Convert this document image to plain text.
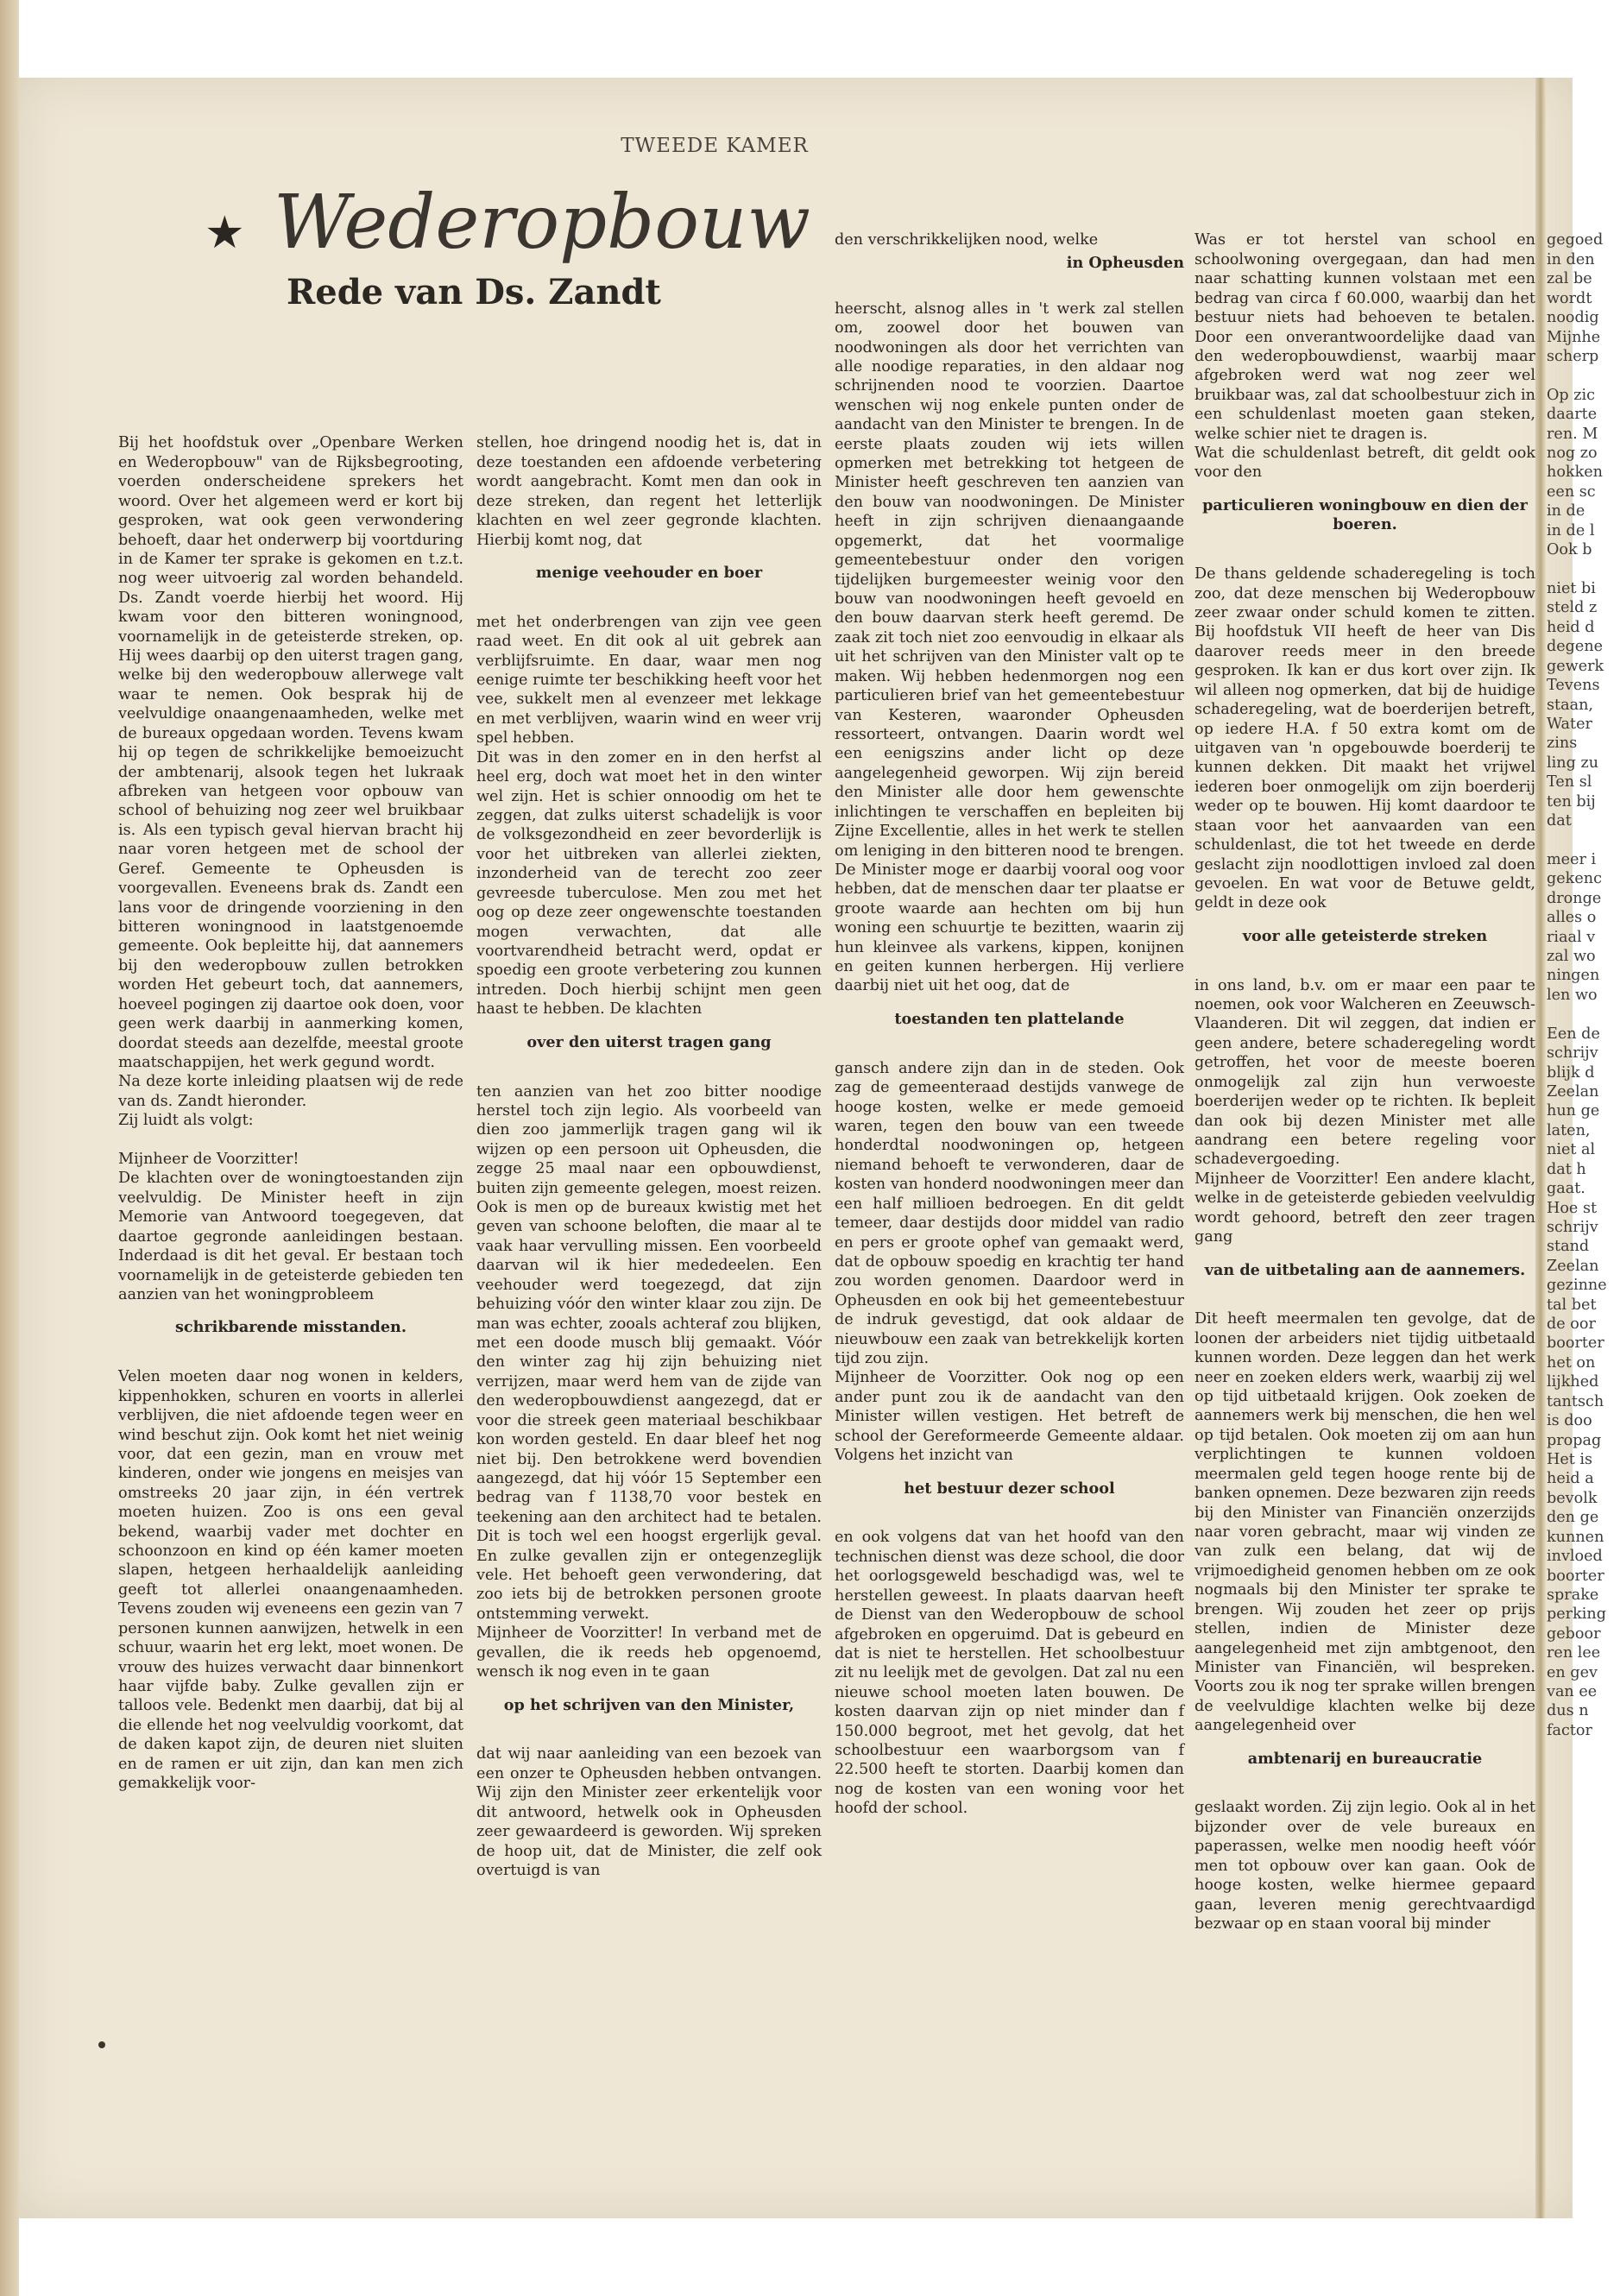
TWEEDE KAMER
★ Wederopbouw
Rede van Ds. Zandt

Bij het hoofdstuk over „Openbare Werken en Wederopbouw" van de Rijksbegrooting, voerden onderscheidene sprekers het woord. Over het algemeen werd er kort bij gesproken, wat ook geen verwondering behoeft, daar het onderwerp bij voortduring in de Kamer ter sprake is gekomen en t.z.t. nog weer uitvoerig zal worden behandeld. Ds. Zandt voerde hierbij het woord. Hij kwam voor den bitteren woningnood, voornamelijk in de geteisterde streken, op. Hij wees daarbij op den uiterst tragen gang, welke bij den wederopbouw allerwege valt waar te nemen. Ook besprak hij de veelvuldige onaangenaamheden, welke met de bureaux opgedaan worden. Tevens kwam hij op tegen de schrikkelijke bemoeizucht der ambtenarij, alsook tegen het lukraak afbreken van hetgeen voor opbouw van school of behuizing nog zeer wel bruikbaar is. Als een typisch geval hiervan bracht hij naar voren hetgeen met de school der Geref. Gemeente te Opheusden is voorgevallen. Eveneens brak ds. Zandt een lans voor de dringende voorziening in den bitteren woningnood in laatstgenoemde gemeente. Ook bepleitte hij, dat aannemers bij den wederopbouw zullen betrokken worden Het gebeurt toch, dat aannemers, hoeveel pogingen zij daartoe ook doen, voor geen werk daarbij in aanmerking komen, doordat steeds aan dezelfde, meestal groote maatschappijen, het werk gegund wordt.
Na deze korte inleiding plaatsen wij de rede van ds. Zandt hieronder.
Zij luidt als volgt:

Mijnheer de Voorzitter!
De klachten over de woningtoestanden zijn veelvuldig. De Minister heeft in zijn Memorie van Antwoord toegegeven, dat daartoe gegronde aanleidingen bestaan. Inderdaad is dit het geval. Er bestaan toch voornamelijk in de geteisterde gebieden ten aanzien van het woningprobleem

schrikbarende misstanden.

Velen moeten daar nog wonen in kelders, kippenhokken, schuren en voorts in allerlei verblijven, die niet afdoende tegen weer en wind beschut zijn. Ook komt het niet weinig voor, dat een gezin, man en vrouw met kinderen, onder wie jongens en meisjes van omstreeks 20 jaar zijn, in één vertrek moeten huizen. Zoo is ons een geval bekend, waarbij vader met dochter en schoonzoon en kind op één kamer moeten slapen, hetgeen herhaaldelijk aanleiding geeft tot allerlei onaangenaamheden. Tevens zouden wij eveneens een gezin van 7 personen kunnen aanwijzen, hetwelk in een schuur, waarin het erg lekt, moet wonen. De vrouw des huizes verwacht daar binnenkort haar vijfde baby. Zulke gevallen zijn er talloos vele. Bedenkt men daarbij, dat bij al die ellende het nog veelvuldig voorkomt, dat de daken kapot zijn, de deuren niet sluiten en de ramen er uit zijn, dan kan men zich gemakkelijk voor-

stellen, hoe dringend noodig het is, dat in deze toestanden een afdoende verbetering wordt aangebracht. Komt men dan ook in deze streken, dan regent het letterlijk klachten en wel zeer gegronde klachten. Hierbij komt nog, dat

menige veehouder en boer

met het onderbrengen van zijn vee geen raad weet. En dit ook al uit gebrek aan verblijfsruimte. En daar, waar men nog eenige ruimte ter beschikking heeft voor het vee, sukkelt men al evenzeer met lekkage en met verblijven, waarin wind en weer vrij spel hebben.
Dit was in den zomer en in den herfst al heel erg, doch wat moet het in den winter wel zijn. Het is schier onnoodig om het te zeggen, dat zulks uiterst schadelijk is voor de volksgezondheid en zeer bevorderlijk is voor het uitbreken van allerlei ziekten, inzonderheid van de terecht zoo zeer gevreesde tuberculose. Men zou met het oog op deze zeer ongewenschte toestanden mogen verwachten, dat alle voortvarendheid betracht werd, opdat er spoedig een groote verbetering zou kunnen intreden. Doch hierbij schijnt men geen haast te hebben. De klachten

over den uiterst tragen gang

ten aanzien van het zoo bitter noodige herstel toch zijn legio. Als voorbeeld van dien zoo jammerlijk tragen gang wil ik wijzen op een persoon uit Opheusden, die zegge 25 maal naar een opbouwdienst, buiten zijn gemeente gelegen, moest reizen. Ook is men op de bureaux kwistig met het geven van schoone beloften, die maar al te vaak haar vervulling missen. Een voorbeeld daarvan wil ik hier mededeelen. Een veehouder werd toegezegd, dat zijn behuizing vóór den winter klaar zou zijn. De man was echter, zooals achteraf zou blijken, met een doode musch blij gemaakt. Vóór den winter zag hij zijn behuizing niet verrijzen, maar werd hem van de zijde van den wederopbouwdienst aangezegd, dat er voor die streek geen materiaal beschikbaar kon worden gesteld. En daar bleef het nog niet bij. Den betrokkene werd bovendien aangezegd, dat hij vóór 15 September een bedrag van f 1138,70 voor bestek en teekening aan den architect had te betalen. Dit is toch wel een hoogst ergerlijk geval. En zulke gevallen zijn er ontegenzeglijk vele. Het behoeft geen verwondering, dat zoo iets bij de betrokken personen groote ontstemming verwekt.
Mijnheer de Voorzitter! In verband met de gevallen, die ik reeds heb opgenoemd, wensch ik nog even in te gaan

op het schrijven van den Minister,

dat wij naar aanleiding van een bezoek van een onzer te Opheusden hebben ontvangen. Wij zijn den Minister zeer erkentelijk voor dit antwoord, hetwelk ook in Opheusden zeer gewaardeerd is geworden. Wij spreken de hoop uit, dat de Minister, die zelf ook overtuigd is van

den verschrikkelijken nood, welke

in Opheusden

heerscht, alsnog alles in 't werk zal stellen om, zoowel door het bouwen van noodwoningen als door het verrichten van alle noodige reparaties, in den aldaar nog schrijnenden nood te voorzien. Daartoe wenschen wij nog enkele punten onder de aandacht van den Minister te brengen. In de eerste plaats zouden wij iets willen opmerken met betrekking tot hetgeen de Minister heeft geschreven ten aanzien van den bouw van noodwoningen. De Minister heeft in zijn schrijven dienaangaande opgemerkt, dat het voormalige gemeentebestuur onder den vorigen tijdelijken burgemeester weinig voor den bouw van noodwoningen heeft gevoeld en den bouw daarvan sterk heeft geremd. De zaak zit toch niet zoo eenvoudig in elkaar als uit het schrijven van den Minister valt op te maken. Wij hebben hedenmorgen nog een particulieren brief van het gemeentebestuur van Kesteren, waaronder Opheusden ressorteert, ontvangen. Daarin wordt wel een eenigszins ander licht op deze aangelegenheid geworpen. Wij zijn bereid den Minister alle door hem gewenschte inlichtingen te verschaffen en bepleiten bij Zijne Excellentie, alles in het werk te stellen om leniging in den bitteren nood te brengen. De Minister moge er daarbij vooral oog voor hebben, dat de menschen daar ter plaatse er groote waarde aan hechten om bij hun woning een schuurtje te bezitten, waarin zij hun kleinvee als varkens, kippen, konijnen en geiten kunnen herbergen. Hij verliere daarbij niet uit het oog, dat de

toestanden ten plattelande

gansch andere zijn dan in de steden. Ook zag de gemeenteraad destijds vanwege de hooge kosten, welke er mede gemoeid waren, tegen den bouw van een tweede honderdtal noodwoningen op, hetgeen niemand behoeft te verwonderen, daar de kosten van honderd noodwoningen meer dan een half millioen bedroegen. En dit geldt temeer, daar destijds door middel van radio en pers er groote ophef van gemaakt werd, dat de opbouw spoedig en krachtig ter hand zou worden genomen. Daardoor werd in Opheusden en ook bij het gemeentebestuur de indruk gevestigd, dat ook aldaar de nieuwbouw een zaak van betrekkelijk korten tijd zou zijn.
Mijnheer de Voorzitter. Ook nog op een ander punt zou ik de aandacht van den Minister willen vestigen. Het betreft de school der Gereformeerde Gemeente aldaar. Volgens het inzicht van

het bestuur dezer school

en ook volgens dat van het hoofd van den technischen dienst was deze school, die door het oorlogsgeweld beschadigd was, wel te herstellen geweest. In plaats daarvan heeft de Dienst van den Wederopbouw de school afgebroken en opgeruimd. Dat is gebeurd en dat is niet te herstellen. Het schoolbestuur zit nu leelijk met de gevolgen. Dat zal nu een nieuwe school moeten laten bouwen. De kosten daarvan zijn op niet minder dan f 150.000 begroot, met het gevolg, dat het schoolbestuur een waarborgsom van f 22.500 heeft te storten. Daarbij komen dan nog de kosten van een woning voor het hoofd der school.

Was er tot herstel van school en schoolwoning overgegaan, dan had men naar schatting kunnen volstaan met een bedrag van circa f 60.000, waarbij dan het bestuur niets had behoeven te betalen. Door een onverantwoordelijke daad van den wederopbouwdienst, waarbij maar afgebroken werd wat nog zeer wel bruikbaar was, zal dat schoolbestuur zich in een schuldenlast moeten gaan steken, welke schier niet te dragen is.
Wat die schuldenlast betreft, dit geldt ook voor den

particulieren woningbouw en dien der boeren.

De thans geldende schaderegeling is toch zoo, dat deze menschen bij Wederopbouw zeer zwaar onder schuld komen te zitten. Bij hoofdstuk VII heeft de heer van Dis daarover reeds meer in den breede gesproken. Ik kan er dus kort over zijn. Ik wil alleen nog opmerken, dat bij de huidige schaderegeling, wat de boerderijen betreft, op iedere H.A. f 50 extra komt om de uitgaven van 'n opgebouwde boerderij te kunnen dekken. Dit maakt het vrijwel iederen boer onmogelijk om zijn boerderij weder op te bouwen. Hij komt daardoor te staan voor het aanvaarden van een schuldenlast, die tot het tweede en derde geslacht zijn noodlottigen invloed zal doen gevoelen. En wat voor de Betuwe geldt, geldt in deze ook

voor alle geteisterde streken

in ons land, b.v. om er maar een paar te noemen, ook voor Walcheren en Zeeuwsch-Vlaanderen. Dit wil zeggen, dat indien er geen andere, betere schaderegeling wordt getroffen, het voor de meeste boeren onmogelijk zal zijn hun verwoeste boerderijen weder op te richten. Ik bepleit dan ook bij dezen Minister met alle aandrang een betere regeling voor schadevergoeding.
Mijnheer de Voorzitter! Een andere klacht, welke in de geteisterde gebieden veelvuldig wordt gehoord, betreft den zeer tragen gang

van de uitbetaling aan de aannemers.

Dit heeft meermalen ten gevolge, dat de loonen der arbeiders niet tijdig uitbetaald kunnen worden. Deze leggen dan het werk neer en zoeken elders werk, waarbij zij wel op tijd uitbetaald krijgen. Ook zoeken de aannemers werk bij menschen, die hen wel op tijd betalen. Ook moeten zij om aan hun verplichtingen te kunnen voldoen meermalen geld tegen hooge rente bij de banken opnemen. Deze bezwaren zijn reeds bij den Minister van Financiën onzerzijds naar voren gebracht, maar wij vinden ze van zulk een belang, dat wij de vrijmoedigheid genomen hebben om ze ook nogmaals bij den Minister ter sprake te brengen. Wij zouden het zeer op prijs stellen, indien de Minister deze aangelegenheid met zijn ambtgenoot, den Minister van Financiën, wil bespreken. Voorts zou ik nog ter sprake willen brengen de veelvuldige klachten welke bij deze aangelegenheid over

ambtenarij en bureaucratie

geslaakt worden. Zij zijn legio. Ook al in het bijzonder over de vele bureaux en paperassen, welke men noodig heeft vóór men tot opbouw over kan gaan. Ook de hooge kosten, welke hiermee gepaard gaan, leveren menig gerechtvaardigd bezwaar op en staan vooral bij minder

gegoed
in den
zal be
wordt
noodig
Mijnhe
scherp

Op zic
daarte
ren. M
nog zo
hokken
een sc
in de
in de l
Ook b

niet bi
steld z
heid d
degene
gewerk
Tevens
staan,
Water
zins
ling zu
Ten sl
ten bij
dat

meer i
gekenc
dronge
alles o
riaal v
zal wo
ningen
len wo

Een de
schrijv
blijk d
Zeelan
hun ge
laten,
niet al
dat h
gaat.
Hoe st
schrijv
stand
Zeelan
gezinne
tal bet
de oor
boorter
het on
lijkhed
tantsch
is doo
propag
Het is
heid a
bevolk
den ge
kunnen
invloed
boorter
sprake
perking
geboor
ren lee
en gev
van ee
dus n
factor
